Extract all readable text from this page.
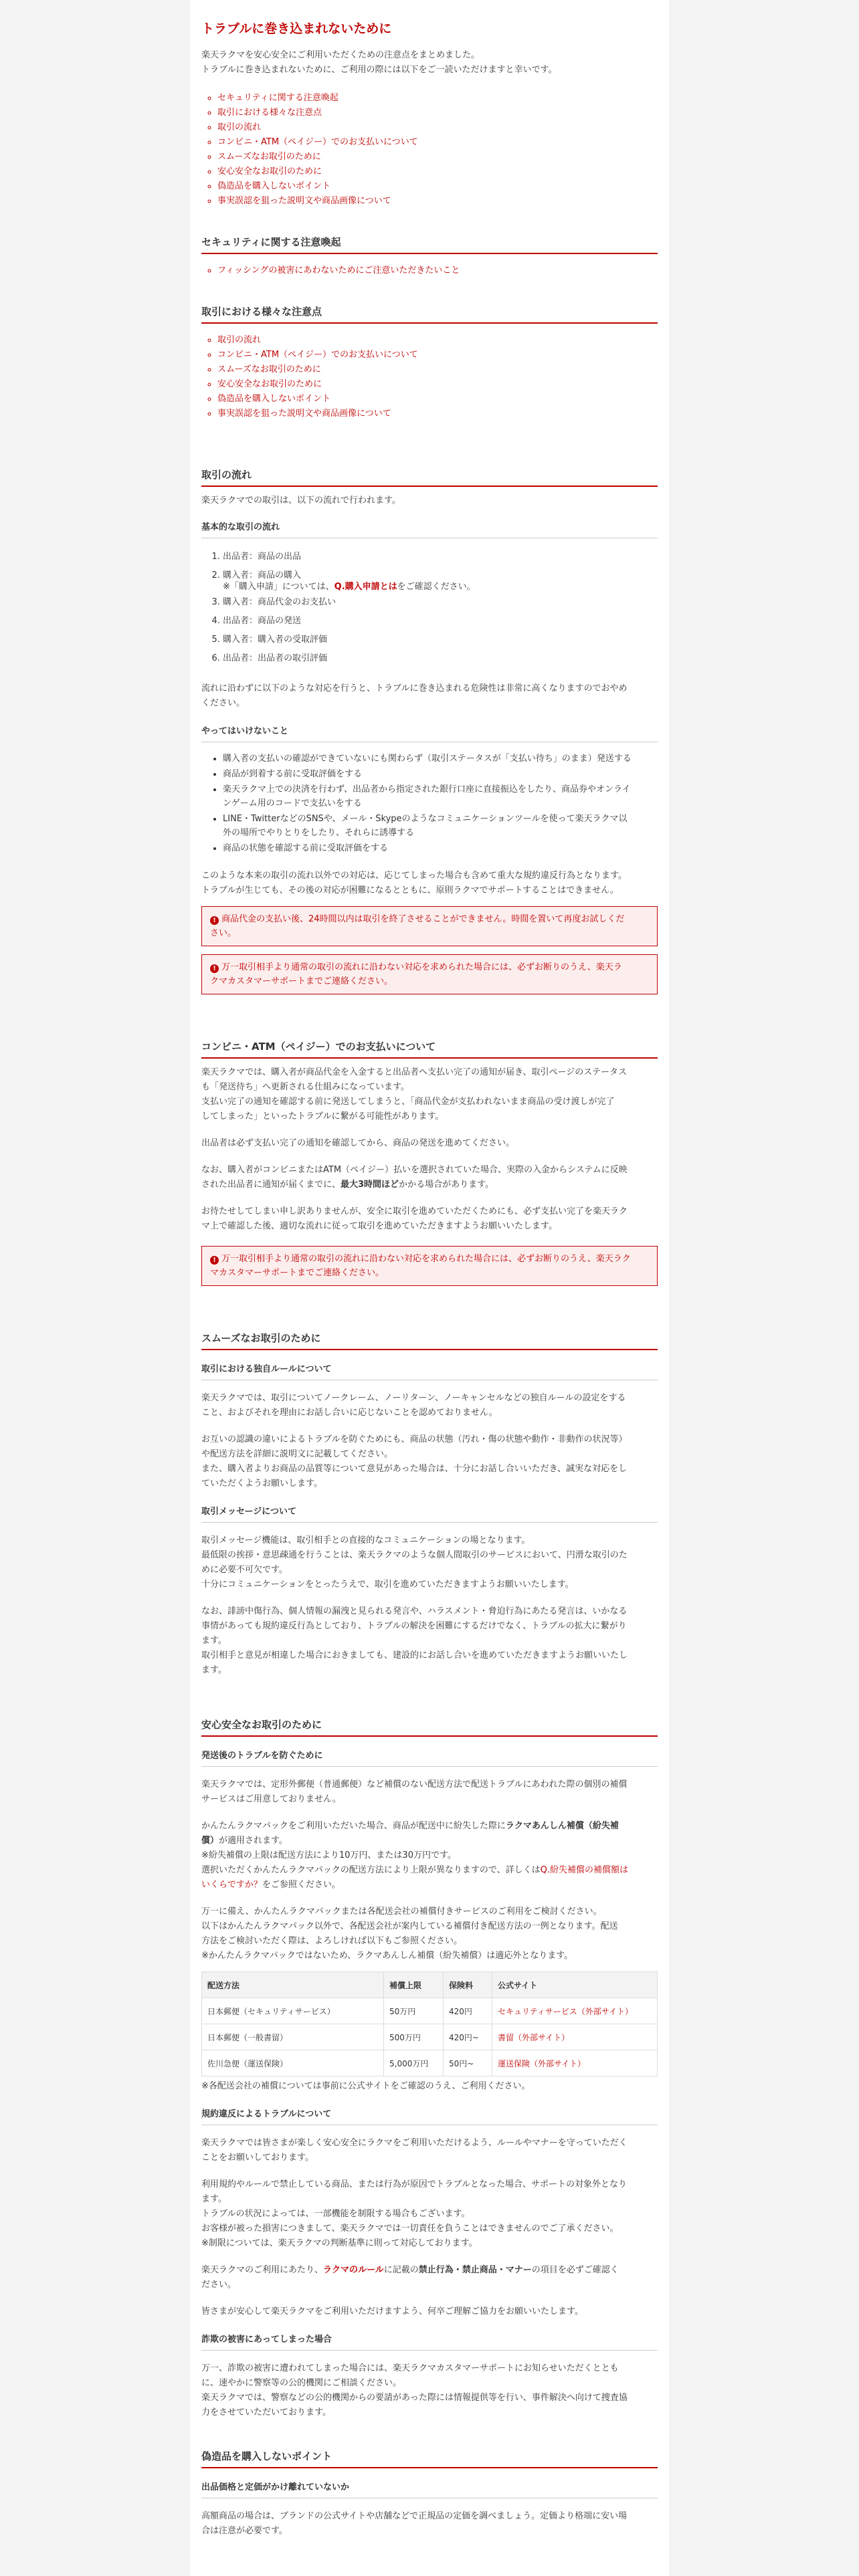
トラブルに巻き込まれないために

楽天ラクマを安心安全にご利用いただくための注意点をまとめました。

トラブルに巻き込まれないために、ご利用の際には以下をご一読いただけますと幸いです。

◦ セキュリティに関する注意喚起
◦ 取引における様々な注意点
◦ 取引の流れ
◦ コンビニ・ATM（ペイジー）でのお支払いについて
◦ スムーズなお取引のために
◦ 安心安全なお取引のために
◦ 偽造品を購入しないポイント
◦ 事実誤認を狙った説明文や商品画像について
セキュリティに関する注意喚起
◦ フィッシングの被害にあわないためにご注意いただきたいこと
取引における様々な注意点
◦ 取引の流れ
◦ コンビニ・ATM（ペイジー）でのお支払いについて
◦ スムーズなお取引のために
◦ 安心安全なお取引のために
◦ 偽造品を購入しないポイント
◦ 事実誤認を狙った説明文や商品画像について
取引の流れ

楽天ラクマでの取引は、以下の流れで行われます。

基本的な取引の流れ
1. 出品者：商品の出品
2. 購入者：商品の購入
※「購入申請」については、Q.購入申請とはをご確認ください。
3. 購入者：商品代金のお支払い
4. 出品者：商品の発送
5. 購入者：購入者の受取評価
6. 出品者：出品者の取引評価

流れに沿わずに以下のような対応を行うと、トラブルに巻き込まれる危険性は非常に高くなりますのでおやめ

ください。

やってはいけないこと
• 購入者の支払いの確認ができていないにも関わらず（取引ステータスが「支払い待ち」のまま）発送する
• 商品が到着する前に受取評価をする
• 楽天ラクマ上での決済を行わず、出品者から指定された銀行口座に直接振込をしたり、商品券やオンライ
ンゲーム用のコードで支払いをする
• LINE・TwitterなどのSNSや、メール・Skypeのようなコミュニケーションツールを使って楽天ラクマ以
外の場所でやりとりをしたり、それらに誘導する
• 商品の状態を確認する前に受取評価をする

このような本来の取引の流れ以外での対応は、応じてしまった場合も含めて重大な規約違反行為となります。

トラブルが生じても、その後の対応が困難になるとともに、原則ラクマでサポートすることはできません。

! 商品代金の支払い後、24時間以内は取引を終了させることができません。時間を置いて再度お試しくだ
さい。
! 万一取引相手より通常の取引の流れに沿わない対応を求められた場合には、必ずお断りのうえ、楽天ラ
クマカスタマーサポートまでご連絡ください。
コンビニ・ATM（ペイジー）でのお支払いについて

楽天ラクマでは、購入者が商品代金を入金すると出品者へ支払い完了の通知が届き、取引ページのステータス

も「発送待ち」へ更新される仕組みになっています。

支払い完了の通知を確認する前に発送してしまうと、「商品代金が支払われないまま商品の受け渡しが完了

してしまった」といったトラブルに繋がる可能性があります。

出品者は必ず支払い完了の通知を確認してから、商品の発送を進めてください。

なお、購入者がコンビニまたはATM（ペイジー）払いを選択されていた場合、実際の入金からシステムに反映

された出品者に通知が届くまでに、最大3時間ほどかかる場合があります。

お待たせしてしまい申し訳ありませんが、安全に取引を進めていただくためにも、必ず支払い完了を楽天ラク

マ上で確認した後、適切な流れに従って取引を進めていただきますようお願いいたします。

! 万一取引相手より通常の取引の流れに沿わない対応を求められた場合には、必ずお断りのうえ、楽天ラク
マカスタマーサポートまでご連絡ください。
スムーズなお取引のために
取引における独自ルールについて

楽天ラクマでは、取引についてノークレーム、ノーリターン、ノーキャンセルなどの独自ルールの設定をする

こと、およびそれを理由にお話し合いに応じないことを認めておりません。

お互いの認識の違いによるトラブルを防ぐためにも、商品の状態（汚れ・傷の状態や動作・非動作の状況等）

や配送方法を詳細に説明文に記載してください。

また、購入者よりお商品の品質等について意見があった場合は、十分にお話し合いいただき、誠実な対応をし

ていただくようお願いします。

取引メッセージについて

取引メッセージ機能は、取引相手との直接的なコミュニケーションの場となります。

最低限の挨拶・意思疎通を行うことは、楽天ラクマのような個人間取引のサービスにおいて、円滑な取引のた

めに必要不可欠です。

十分にコミュニケーションをとったうえで、取引を進めていただきますようお願いいたします。

なお、誹謗中傷行為、個人情報の漏洩と見られる発言や、ハラスメント・脅迫行為にあたる発言は、いかなる

事情があっても規約違反行為としており、トラブルの解決を困難にするだけでなく、トラブルの拡大に繋がり

ます。

取引相手と意見が相違した場合におきましても、建設的にお話し合いを進めていただきますようお願いいたし

ます。

安心安全なお取引のために
発送後のトラブルを防ぐために

楽天ラクマでは、定形外郵便（普通郵便）など補償のない配送方法で配送トラブルにあわれた際の個別の補償

サービスはご用意しておりません。

かんたんラクマパックをご利用いただいた場合、商品が配送中に紛失した際にラクマあんしん補償（紛失補

償）が適用されます。

※紛失補償の上限は配送方法により10万円、または30万円です。

選択いただくかんたんラクマパックの配送方法により上限が異なりますので、詳しくはQ.紛失補償の補償額は

いくらですか？をご参照ください。

万一に備え、かんたんラクマパックまたは各配送会社の補償付きサービスのご利用をご検討ください。

以下はかんたんラクマパック以外で、各配送会社が案内している補償付き配送方法の一例となります。配送

方法をご検討いただく際は、よろしければ以下もご参照ください。

※かんたんラクマパックではないため、ラクマあんしん補償（紛失補償）は適応外となります。

配送方法	補償上限	保険料	公式サイト
日本郵便（セキュリティサービス）	50万円	420円	セキュリティサービス（外部サイト）
日本郵便（一般書留）	500万円	420円~	書留（外部サイト）
佐川急便（運送保険）	5,000万円	50円~	運送保険（外部サイト）

※各配送会社の補償については事前に公式サイトをご確認のうえ、ご利用ください。

規約違反によるトラブルについて

楽天ラクマでは皆さまが楽しく安心安全にラクマをご利用いただけるよう、ルールやマナーを守っていただく

ことをお願いしております。

利用規約やルールで禁止している商品、または行為が原因でトラブルとなった場合、サポートの対象外となり

ます。

トラブルの状況によっては、一部機能を制限する場合もございます。

お客様が被った損害につきまして、楽天ラクマでは一切責任を負うことはできませんのでご了承ください。

※制限については、楽天ラクマの判断基準に則って対応しております。

楽天ラクマのご利用にあたり、ラクマのルールに記載の禁止行為・禁止商品・マナーの項目を必ずご確認く

ださい。

皆さまが安心して楽天ラクマをご利用いただけますよう、何卒ご理解ご協力をお願いいたします。

詐欺の被害にあってしまった場合

万一、詐欺の被害に遭われてしまった場合には、楽天ラクマカスタマーサポートにお知らせいただくととも

に、速やかに警察等の公的機関にご相談ください。

楽天ラクマでは、警察などの公的機関からの要請があった際には情報提供等を行い、事件解決へ向けて捜査協

力をさせていただいております。

偽造品を購入しないポイント
出品価格と定価がかけ離れていないか

高額商品の場合は、ブランドの公式サイトや店舗などで正規品の定価を調べましょう。定価より格端に安い場

合は注意が必要です。
